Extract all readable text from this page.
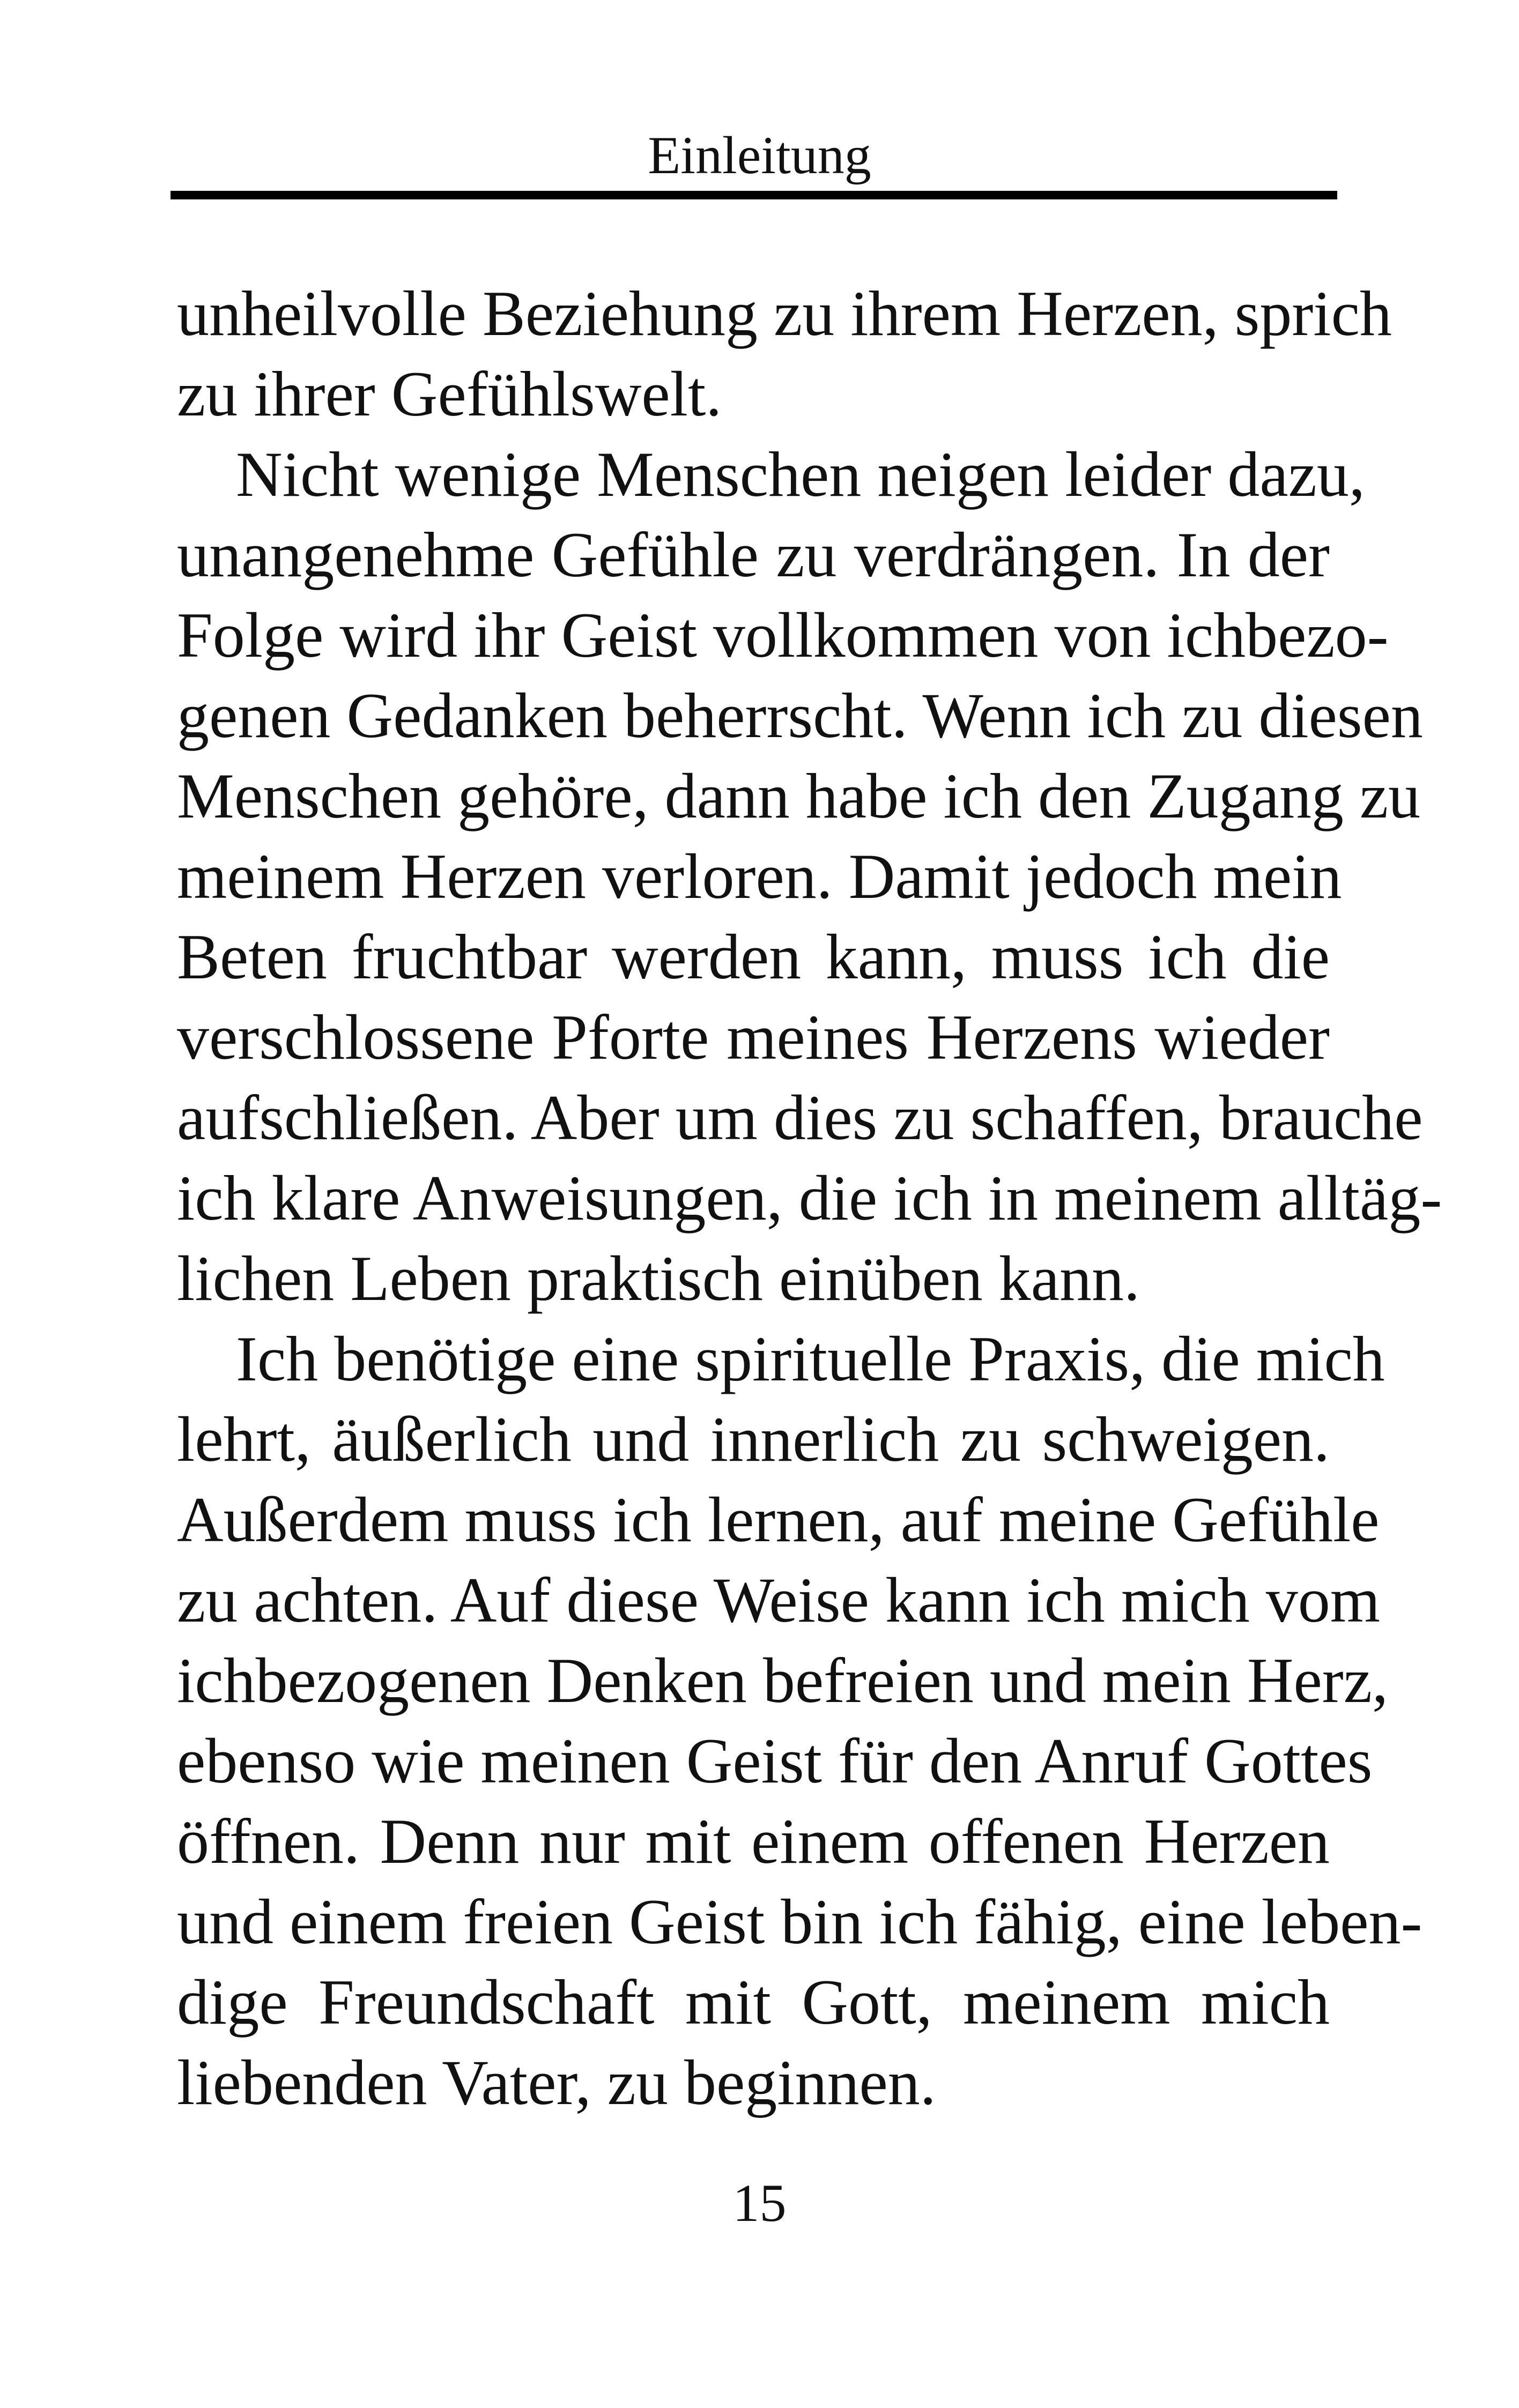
Einleitung
unheilvolle Beziehung zu ihrem Herzen, sprich
zu ihrer Gefühlswelt.
Nicht wenige Menschen neigen leider dazu,
unangenehme Gefühle zu verdrängen. In der
Folge wird ihr Geist vollkommen von ichbezo-
genen Gedanken beherrscht. Wenn ich zu diesen
Menschen gehöre, dann habe ich den Zugang zu
meinem Herzen verloren. Damit jedoch mein
Beten fruchtbar werden kann, muss ich die
verschlossene Pforte meines Herzens wieder
aufschließen. Aber um dies zu schaffen, brauche
ich klare Anweisungen, die ich in meinem alltäg-
lichen Leben praktisch einüben kann.
Ich benötige eine spirituelle Praxis, die mich
lehrt, äußerlich und innerlich zu schweigen.
Außerdem muss ich lernen, auf meine Gefühle
zu achten. Auf diese Weise kann ich mich vom
ichbezogenen Denken befreien und mein Herz,
ebenso wie meinen Geist für den Anruf Gottes
öffnen. Denn nur mit einem offenen Herzen
und einem freien Geist bin ich fähig, eine leben-
dige Freundschaft mit Gott, meinem mich
liebenden Vater, zu beginnen.
15
